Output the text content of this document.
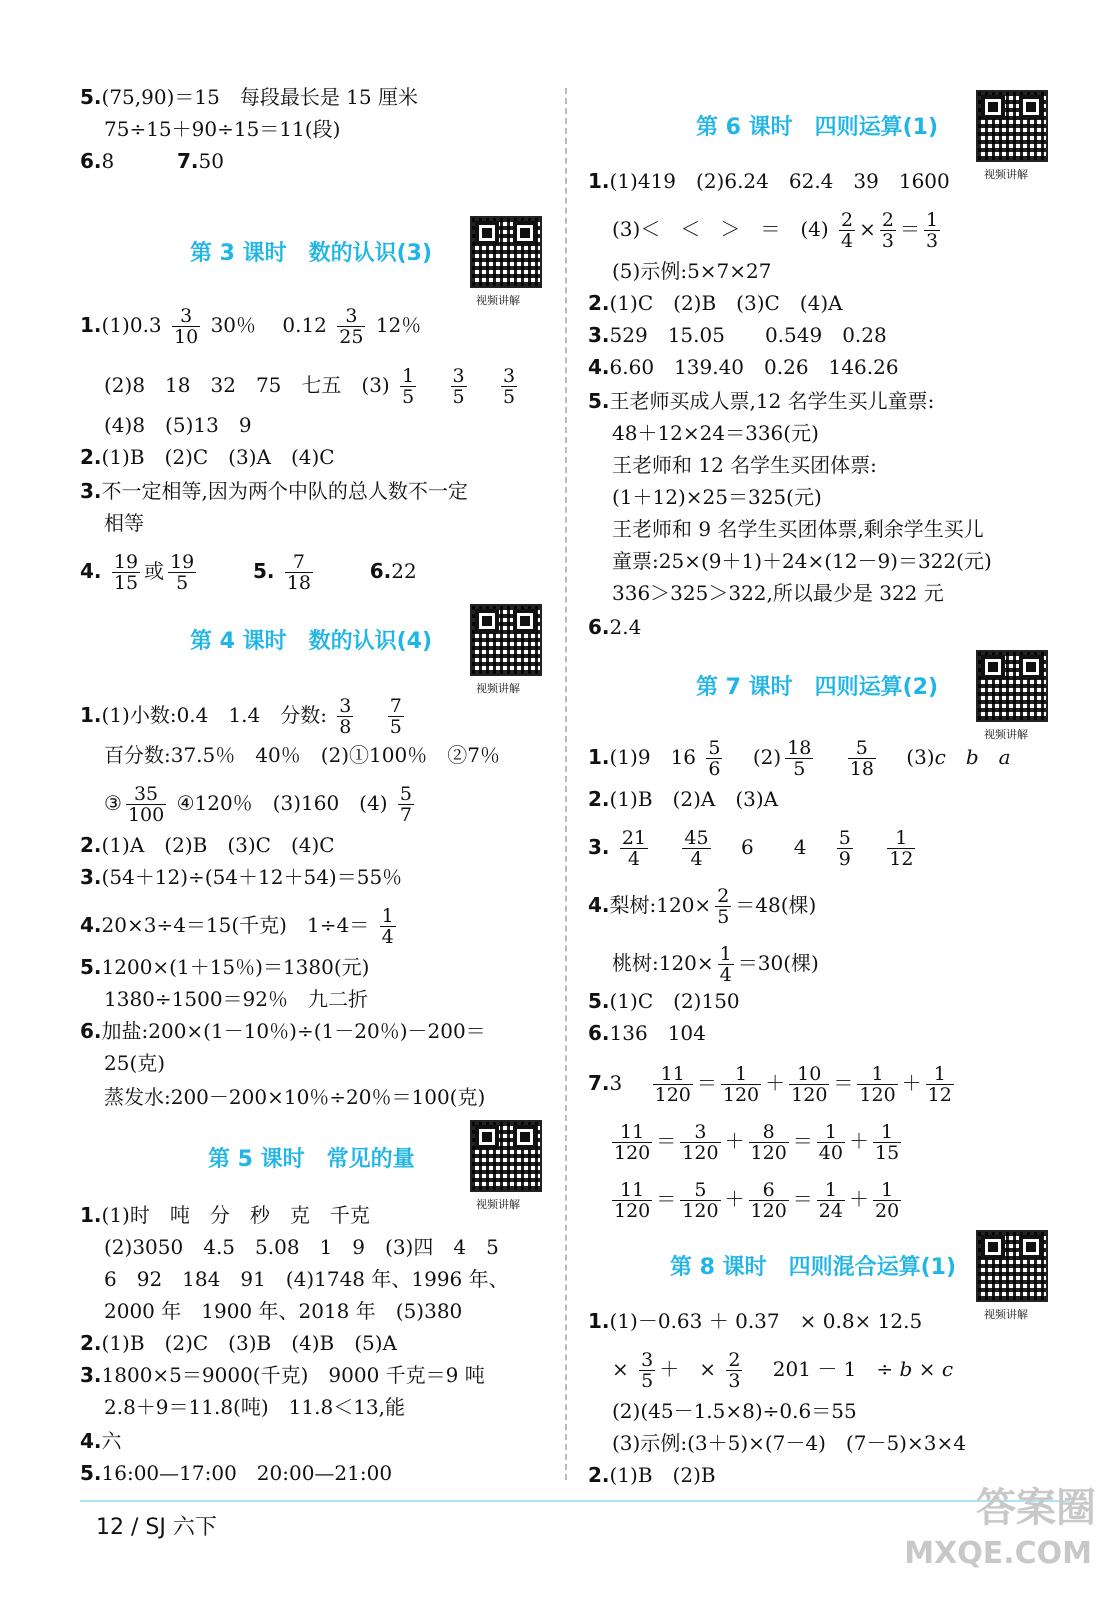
5.(75,90)＝15　每段最长是 15 厘米
75÷15＋90÷15＝11(段)
6.8	7.50
第 3 课时　数的认识(3)
视频讲解
$1.(1)0.3 \frac{3}{10} 30$％　 $0.12 \frac{3}{25} 12$％
(2)8　18　32　75　七五　$(3) \frac{1}{5}$
　 $\frac{3}{5}$
　 $\frac{3}{5}$
(4)8　(5)13　9
2.(1)B　(2)C　(3)A　(4)C
3.不一定相等,因为两个中队的总人数不一定
相等
4. $\frac{19}{15}$ 或 $\frac{19}{5}$	5. $\frac{7}{18}$	6.22
第 4 课时　数的认识(4)
视频讲解
1.(1)小数:0.4　1.4　分数: $\frac{3}{8}$
　 $\frac{7}{5}$
百分数:37.5％　40％　(2)①100％　②7％
③ $\frac{35}{100}$ ④120％　(3)160　$(4) \frac{5}{7}$
2.(1)A　(2)B　(3)C　(4)C
3.(54＋12)÷(54＋12＋54)＝55％
4.20×3÷4＝15(千克)　$1\div 4= \frac{1}{4}$
5.1200×(1＋15％)＝1380(元)
1380÷1500＝92％　九二折
6.加盐:200×(1－10％)÷(1－20％)－200＝
25(克)
蒸发水:200－200×10％÷20％＝100(克)
第 5 课时　常见的量
视频讲解
1.(1)时　吨　分　秒　克　千克
(2)3050　4.5　5.08　1　9　(3)四　4　5
6　92　184　91　(4)1748 年、1996 年、
2000 年　1900 年、2018 年　(5)380
2.(1)B　(2)C　(3)B　(4)B　(5)A
3.1800×5＝9000(千克)　9000 千克＝9 吨
2.8＋9＝11.8(吨)　11.8＜13,能
4.六
5.16:00—17:00　20:00—21:00
第 6 课时　四则运算(1)
视频讲解
1.(1)419　(2)6.24　62.4　39　1600
(3)＜　＜　＞　＝　$(4) \frac{2}{4} \times \frac{2}{3} = \frac{1}{3}$
(5)示例:5×7×27
2.(1)C　(2)B　(3)C　(4)A
3.529　15.05　　0.549　0.28
4.6.60　139.40　0.26　146.26
5.王老师买成人票,12 名学生买儿童票:
48＋12×24＝336(元)
王老师和 12 名学生买团体票:
(1＋12)×25＝325(元)
王老师和 9 名学生买团体票,剩余学生买儿
童票:25×(9＋1)＋24×(12－9)＝322(元)
336＞325＞322,所以最少是 322 元
6.2.4
第 7 课时　四则运算(2)
视频讲解
1.(1)9　$16 \frac{5}{6}$
　 $(2) \frac{18}{5}$
　 $\frac{5}{18}$
　 (3)c　b　a
2.(1)B　(2)A　(3)A
3. $\frac{21}{4}$
　 $\frac{45}{4}$
　 6　　4　 $\frac{5}{9}$
　 $\frac{1}{12}$
4.梨树:120× $\frac{2}{5} =48$(棵)
桃树:120× $\frac{1}{4} =30$(棵)
5.(1)C　(2)150
6.136　104
7.3　 $\frac{11}{120} = \frac{1}{120} + \frac{10}{120} = \frac{1}{120} + \frac{1}{12}$
$\frac{11}{120} = \frac{3}{120} + \frac{8}{120} = \frac{1}{40} + \frac{1}{15}$
$\frac{11}{120} = \frac{5}{120} + \frac{6}{120} = \frac{1}{24} + \frac{1}{20}$
第 8 课时　四则混合运算(1)
视频讲解
1.(1)－0.63 ＋ 0.37　× 0.8× 12.5
× $\frac{3}{5}$ ＋　× $\frac{2}{3}$
　 201 － 1　÷ b × c
(2)(45－1.5×8)÷0.6＝55
(3)示例:(3＋5)×(7－4)　(7－5)×3×4
2.(1)B　(2)B
12 / SJ 六下	答案圈
MXQE.COM
